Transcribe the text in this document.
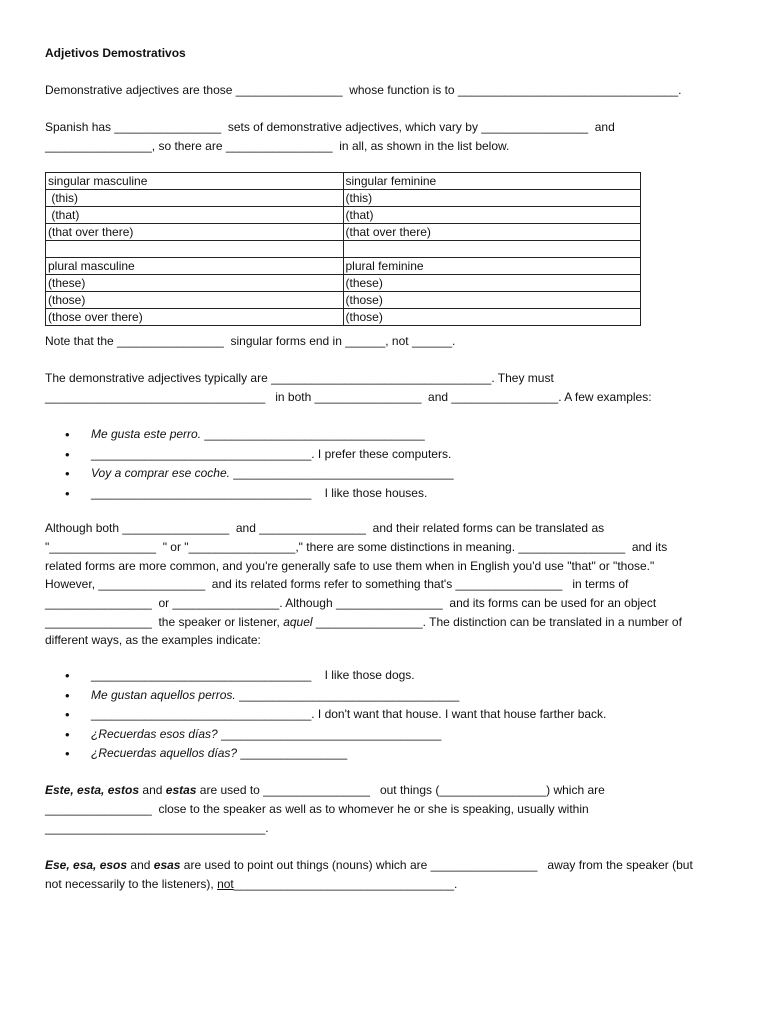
Adjetivos Demostrativos
Demonstrative adjectives are those ________________  whose function is to _________________________________.
Spanish has ________________  sets of demonstrative adjectives, which vary by ________________  and
________________, so there are ________________  in all, as shown in the list below.
singular masculine	singular feminine
(this)	(this)
(that)	(that)
(that over there)	(that over there)

plural masculine	plural feminine
(these)	(these)
(those)	(those)
(those over there)	(those)
Note that the ________________  singular forms end in ______, not ______.
The demonstrative adjectives typically are _________________________________. They must
_________________________________   in both ________________  and ________________. A few examples:
• Me gusta este perro. _________________________________
• _________________________________. I prefer these computers.
• Voy a comprar ese coche. _________________________________
• _________________________________    I like those houses.
Although both ________________  and ________________  and their related forms can be translated as
"________________  " or "________________," there are some distinctions in meaning. ________________  and its
related forms are more common, and you're generally safe to use them when in English you'd use "that" or "those."
However, ________________  and its related forms refer to something that's ________________   in terms of
________________  or ________________. Although ________________  and its forms can be used for an object
________________  the speaker or listener, aquel ________________. The distinction can be translated in a number of
different ways, as the examples indicate:
• _________________________________    I like those dogs.
• Me gustan aquellos perros. _________________________________
• _________________________________. I don't want that house. I want that house farther back.
• ¿Recuerdas esos días? _________________________________
• ¿Recuerdas aquellos días? ________________
Este, esta, estos and estas are used to ________________   out things (________________) which are
________________  close to the speaker as well as to whomever he or she is speaking, usually within
_________________________________.
Ese, esa, esos and esas are used to point out things (nouns) which are ________________   away from the speaker (but
not necessarily to the listeners), not_________________________________.
